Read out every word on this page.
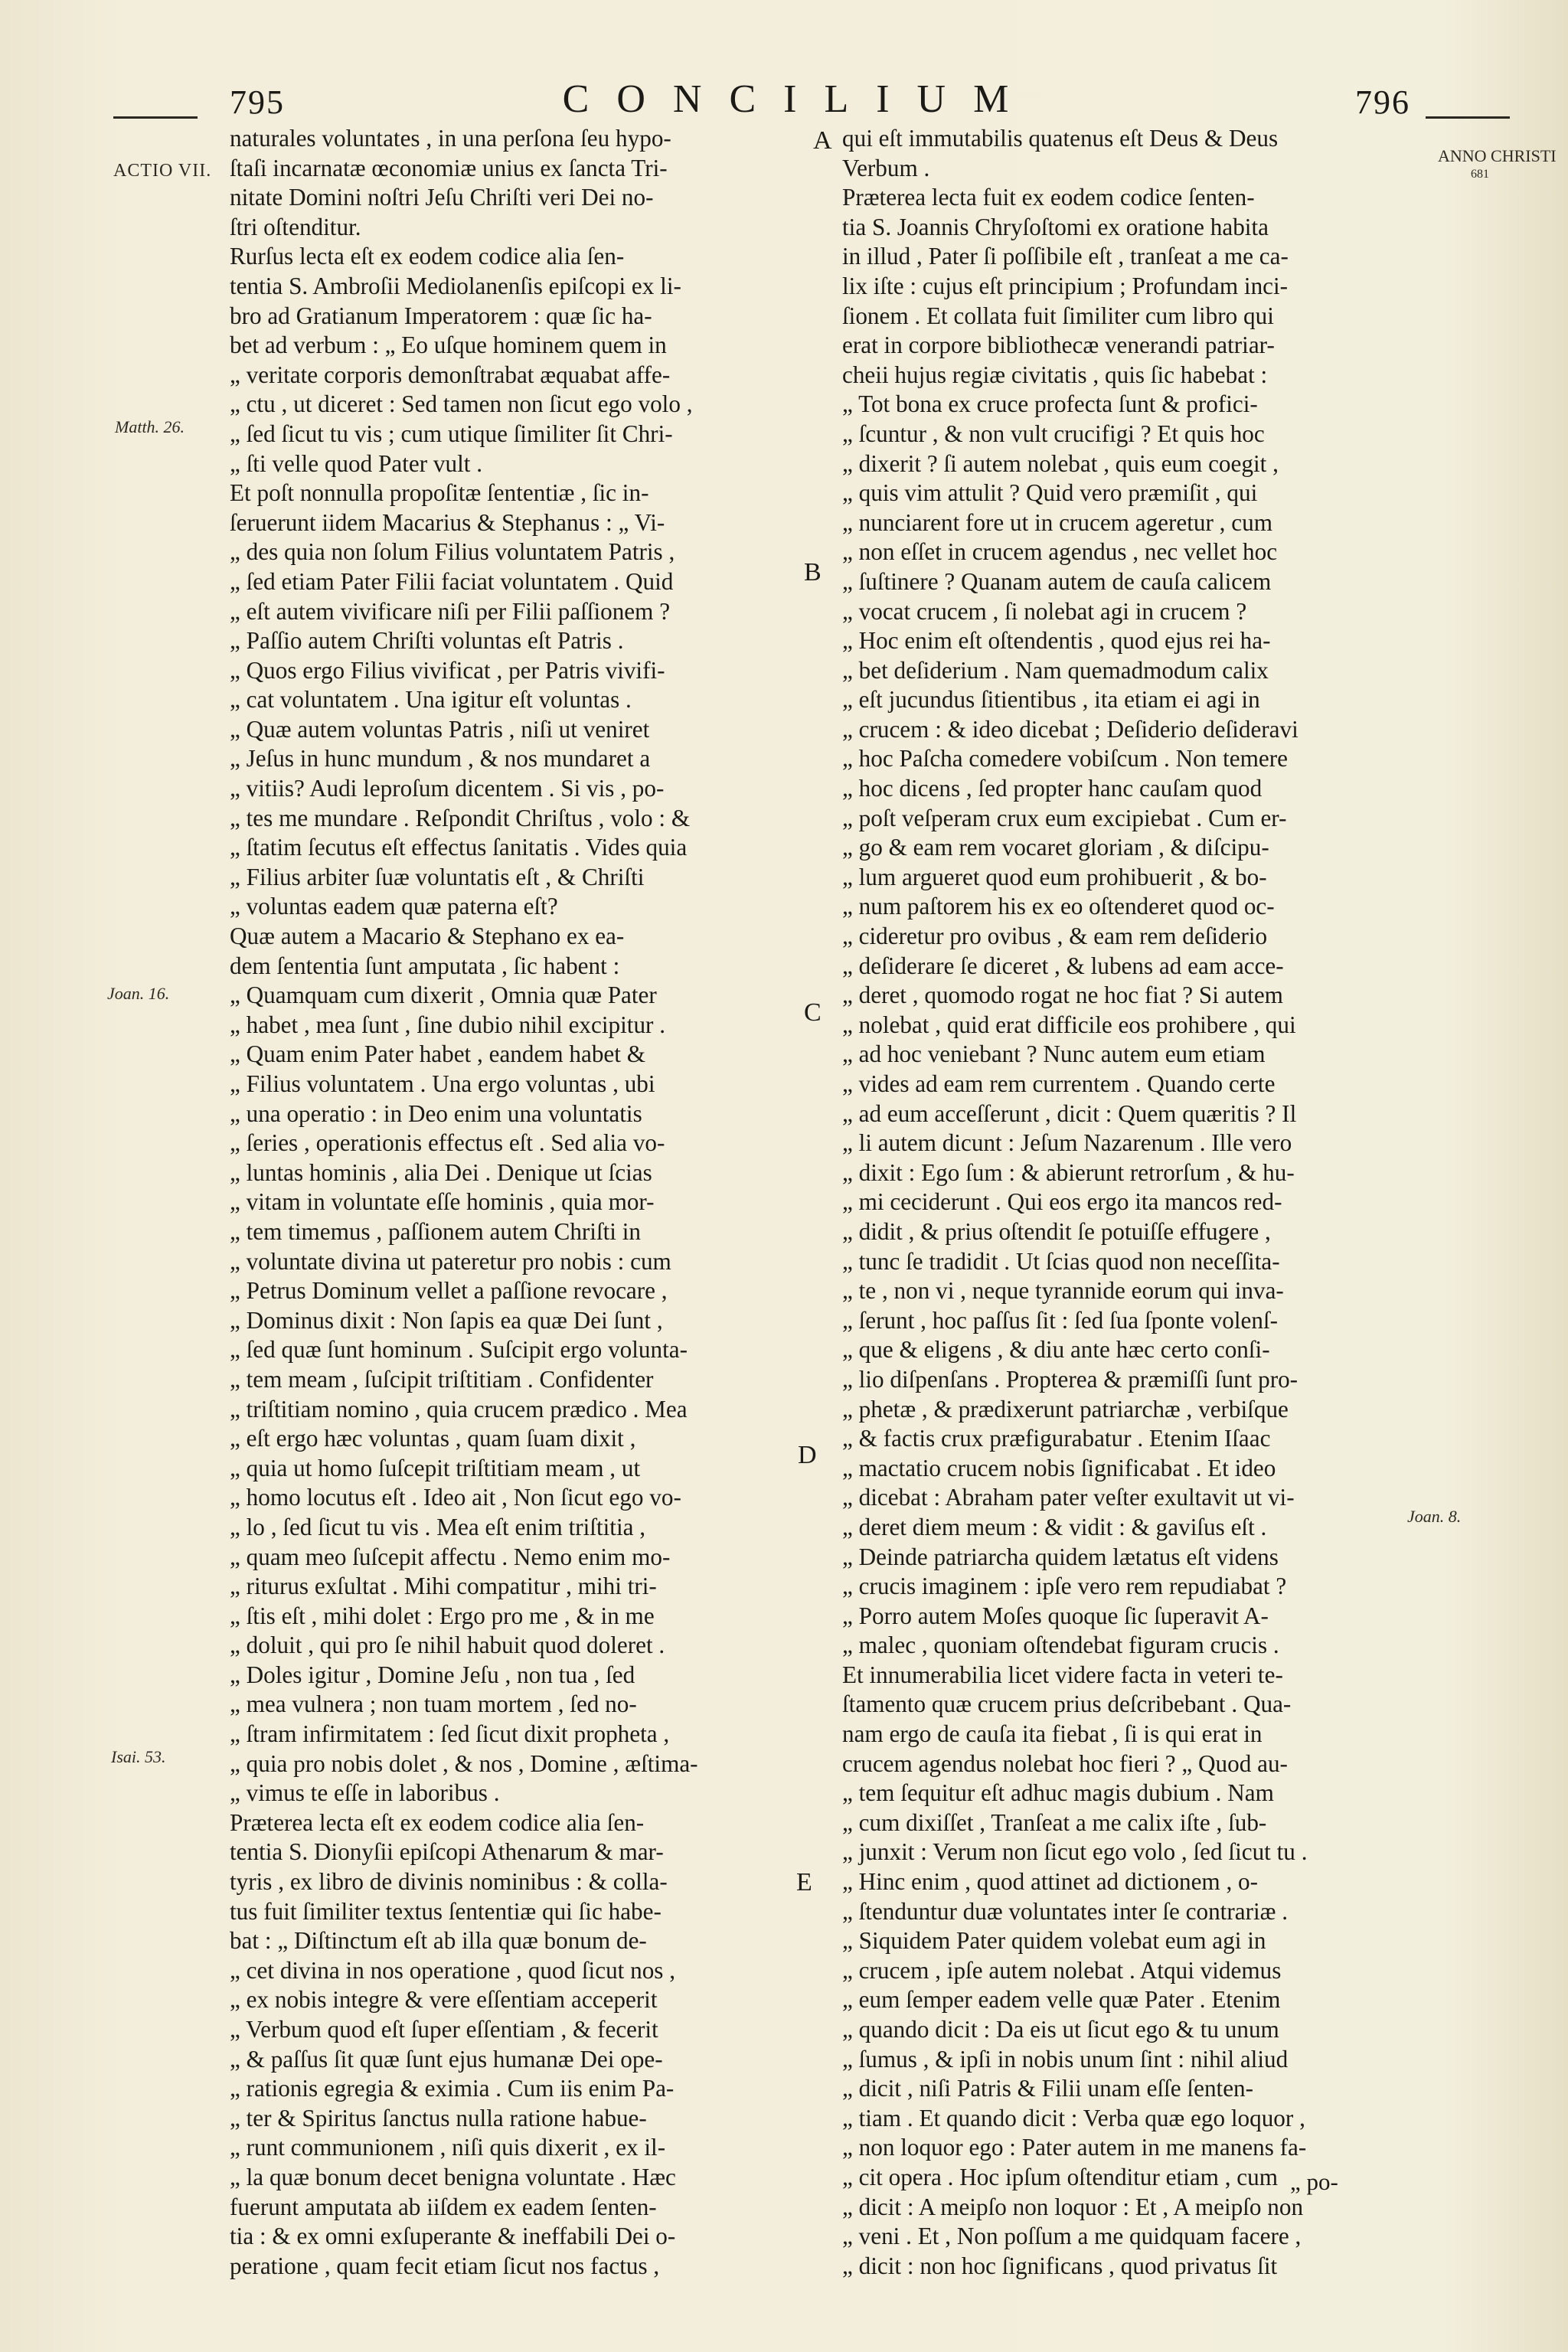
795	CONCILIUM	796
ACTIO VII.
ANNO CHRISTI
681
Matth. 26.
Joan. 16.
Isai. 53.
Joan. 8.
A
B
C
D
E
naturales voluntates , in una perſona ſeu hypo-
ſtaſi incarnatæ œconomiæ unius ex ſancta Tri-
nitate Domini noſtri Jeſu Chriſti veri Dei no-
ſtri oſtenditur.
Rurſus lecta eſt ex eodem codice alia ſen-
tentia S. Ambroſii Mediolanenſis epiſcopi ex li-
bro ad Gratianum Imperatorem : quæ ſic ha-
bet ad verbum : „ Eo uſque hominem quem in
„ veritate corporis demonſtrabat æquabat affe-
„ ctu , ut diceret : Sed tamen non ſicut ego volo ,
„ ſed ſicut tu vis ; cum utique ſimiliter ſit Chri-
„ ſti velle quod Pater vult .
Et poſt nonnulla propoſitæ ſententiæ , ſic in-
ſeruerunt iidem Macarius & Stephanus : „ Vi-
„ des quia non ſolum Filius voluntatem Patris ,
„ ſed etiam Pater Filii faciat voluntatem . Quid
„ eſt autem vivificare niſi per Filii paſſionem ?
„ Paſſio autem Chriſti voluntas eſt Patris .
„ Quos ergo Filius vivificat , per Patris vivifi-
„ cat voluntatem . Una igitur eſt voluntas .
„ Quæ autem voluntas Patris , niſi ut veniret
„ Jeſus in hunc mundum , & nos mundaret a
„ vitiis? Audi leproſum dicentem . Si vis , po-
„ tes me mundare . Reſpondit Chriſtus , volo : &
„ ſtatim ſecutus eſt effectus ſanitatis . Vides quia
„ Filius arbiter ſuæ voluntatis eſt , & Chriſti
„ voluntas eadem quæ paterna eſt?
Quæ autem a Macario & Stephano ex ea-
dem ſententia ſunt amputata , ſic habent :
„ Quamquam cum dixerit , Omnia quæ Pater
„ habet , mea ſunt , ſine dubio nihil excipitur .
„ Quam enim Pater habet , eandem habet &
„ Filius voluntatem . Una ergo voluntas , ubi
„ una operatio : in Deo enim una voluntatis
„ ſeries , operationis effectus eſt . Sed alia vo-
„ luntas hominis , alia Dei . Denique ut ſcias
„ vitam in voluntate eſſe hominis , quia mor-
„ tem timemus , paſſionem autem Chriſti in
„ voluntate divina ut pateretur pro nobis : cum
„ Petrus Dominum vellet a paſſione revocare ,
„ Dominus dixit : Non ſapis ea quæ Dei ſunt ,
„ ſed quæ ſunt hominum . Suſcipit ergo volunta-
„ tem meam , ſuſcipit triſtitiam . Confidenter
„ triſtitiam nomino , quia crucem prædico . Mea
„ eſt ergo hæc voluntas , quam ſuam dixit ,
„ quia ut homo ſuſcepit triſtitiam meam , ut
„ homo locutus eſt . Ideo ait , Non ſicut ego vo-
„ lo , ſed ſicut tu vis . Mea eſt enim triſtitia ,
„ quam meo ſuſcepit affectu . Nemo enim mo-
„ riturus exſultat . Mihi compatitur , mihi tri-
„ ſtis eſt , mihi dolet : Ergo pro me , & in me
„ doluit , qui pro ſe nihil habuit quod doleret .
„ Doles igitur , Domine Jeſu , non tua , ſed
„ mea vulnera ; non tuam mortem , ſed no-
„ ſtram infirmitatem : ſed ſicut dixit propheta ,
„ quia pro nobis dolet , & nos , Domine , æſtima-
„ vimus te eſſe in laboribus .
Præterea lecta eſt ex eodem codice alia ſen-
tentia S. Dionyſii epiſcopi Athenarum & mar-
tyris , ex libro de divinis nominibus : & colla-
tus fuit ſimiliter textus ſententiæ qui ſic habe-
bat : „ Diſtinctum eſt ab illa quæ bonum de-
„ cet divina in nos operatione , quod ſicut nos ,
„ ex nobis integre & vere eſſentiam acceperit
„ Verbum quod eſt ſuper eſſentiam , & fecerit
„ & paſſus ſit quæ ſunt ejus humanæ Dei ope-
„ rationis egregia & eximia . Cum iis enim Pa-
„ ter & Spiritus ſanctus nulla ratione habue-
„ runt communionem , niſi quis dixerit , ex il-
„ la quæ bonum decet benigna voluntate . Hæc
fuerunt amputata ab iiſdem ex eadem ſenten-
tia : & ex omni exſuperante & ineffabili Dei o-
peratione , quam fecit etiam ſicut nos factus ,
qui eſt immutabilis quatenus eſt Deus & Deus
Verbum .
Præterea lecta fuit ex eodem codice ſenten-
tia S. Joannis Chryſoſtomi ex oratione habita
in illud , Pater ſi poſſibile eſt , tranſeat a me ca-
lix iſte : cujus eſt principium ; Profundam inci-
ſionem . Et collata fuit ſimiliter cum libro qui
erat in corpore bibliothecæ venerandi patriar-
cheii hujus regiæ civitatis , quis ſic habebat :
„ Tot bona ex cruce profecta ſunt & profici-
„ ſcuntur , & non vult crucifigi ? Et quis hoc
„ dixerit ? ſi autem nolebat , quis eum coegit ,
„ quis vim attulit ? Quid vero præmiſit , qui
„ nunciarent fore ut in crucem ageretur , cum
„ non eſſet in crucem agendus , nec vellet hoc
„ ſuſtinere ? Quanam autem de cauſa calicem
„ vocat crucem , ſi nolebat agi in crucem ?
„ Hoc enim eſt oſtendentis , quod ejus rei ha-
„ bet deſiderium . Nam quemadmodum calix
„ eſt jucundus ſitientibus , ita etiam ei agi in
„ crucem : & ideo dicebat ; Deſiderio deſideravi
„ hoc Paſcha comedere vobiſcum . Non temere
„ hoc dicens , ſed propter hanc cauſam quod
„ poſt veſperam crux eum excipiebat . Cum er-
„ go & eam rem vocaret gloriam , & diſcipu-
„ lum argueret quod eum prohibuerit , & bo-
„ num paſtorem his ex eo oſtenderet quod oc-
„ cideretur pro ovibus , & eam rem deſiderio
„ deſiderare ſe diceret , & lubens ad eam acce-
„ deret , quomodo rogat ne hoc fiat ? Si autem
„ nolebat , quid erat difficile eos prohibere , qui
„ ad hoc veniebant ? Nunc autem eum etiam
„ vides ad eam rem currentem . Quando certe
„ ad eum acceſſerunt , dicit : Quem quæritis ? Il
„ li autem dicunt : Jeſum Nazarenum . Ille vero
„ dixit : Ego ſum : & abierunt retrorſum , & hu-
„ mi ceciderunt . Qui eos ergo ita mancos red-
„ didit , & prius oſtendit ſe potuiſſe effugere ,
„ tunc ſe tradidit . Ut ſcias quod non neceſſita-
„ te , non vi , neque tyrannide eorum qui inva-
„ ſerunt , hoc paſſus ſit : ſed ſua ſponte volenſ-
„ que & eligens , & diu ante hæc certo conſi-
„ lio diſpenſans . Propterea & præmiſſi ſunt pro-
„ phetæ , & prædixerunt patriarchæ , verbiſque
„ & factis crux præfigurabatur . Etenim Iſaac
„ mactatio crucem nobis ſignificabat . Et ideo
„ dicebat : Abraham pater veſter exultavit ut vi-
„ deret diem meum : & vidit : & gaviſus eſt .
„ Deinde patriarcha quidem lætatus eſt videns
„ crucis imaginem : ipſe vero rem repudiabat ?
„ Porro autem Moſes quoque ſic ſuperavit A-
„ malec , quoniam oſtendebat figuram crucis .
Et innumerabilia licet videre facta in veteri te-
ſtamento quæ crucem prius deſcribebant . Qua-
nam ergo de cauſa ita fiebat , ſi is qui erat in
crucem agendus nolebat hoc fieri ? „ Quod au-
„ tem ſequitur eſt adhuc magis dubium . Nam
„ cum dixiſſet , Tranſeat a me calix iſte , ſub-
„ junxit : Verum non ſicut ego volo , ſed ſicut tu .
„ Hinc enim , quod attinet ad dictionem , o-
„ ſtenduntur duæ voluntates inter ſe contrariæ .
„ Siquidem Pater quidem volebat eum agi in
„ crucem , ipſe autem nolebat . Atqui videmus
„ eum ſemper eadem velle quæ Pater . Etenim
„ quando dicit : Da eis ut ſicut ego & tu unum
„ ſumus , & ipſi in nobis unum ſint : nihil aliud
„ dicit , niſi Patris & Filii unam eſſe ſenten-
„ tiam . Et quando dicit : Verba quæ ego loquor ,
„ non loquor ego : Pater autem in me manens fa-
„ cit opera . Hoc ipſum oſtenditur etiam , cum
„ dicit : A meipſo non loquor : Et , A meipſo non
„ veni . Et , Non poſſum a me quidquam facere ,
„ dicit : non hoc ſignificans , quod privatus ſit
„ po-
